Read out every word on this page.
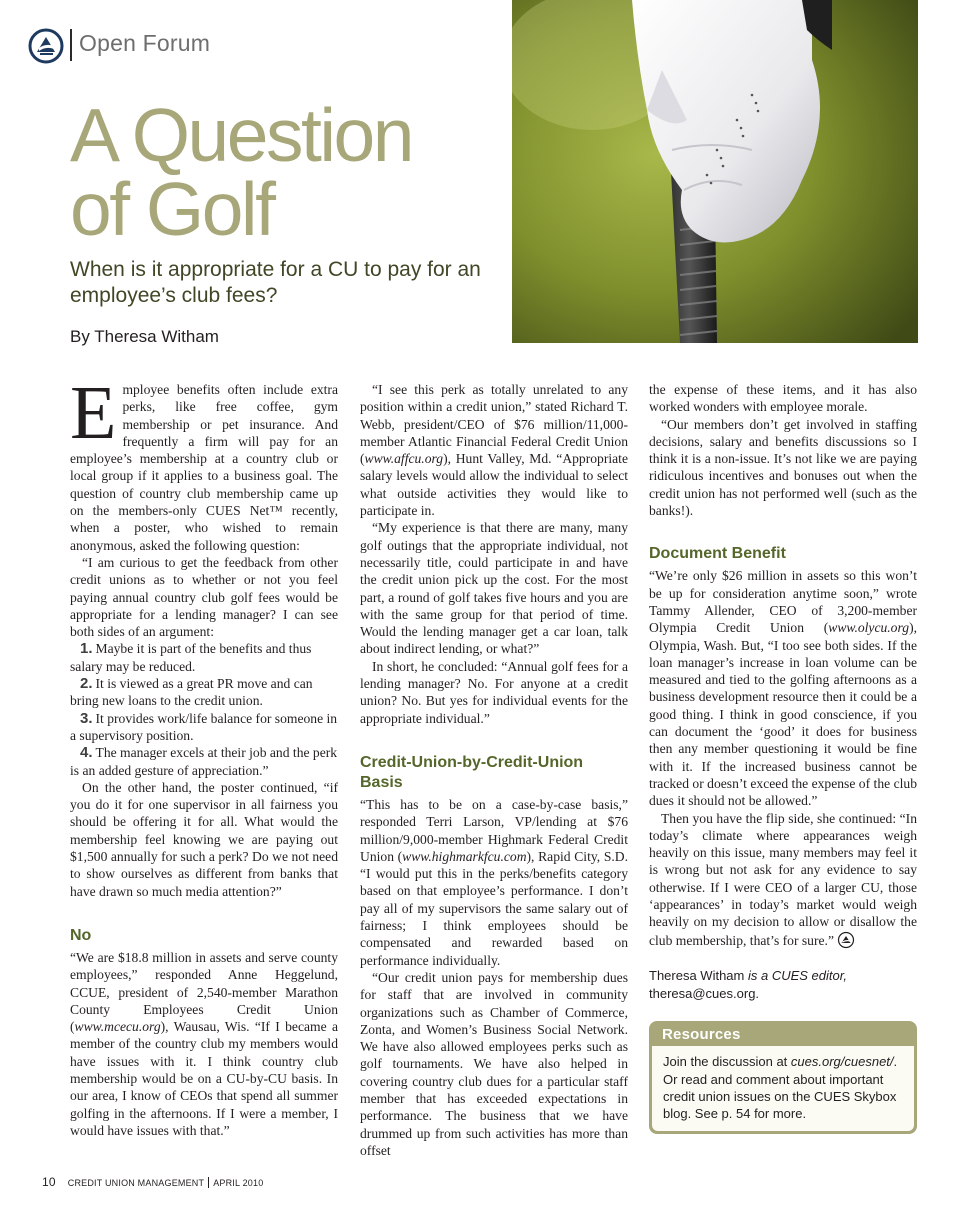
Open Forum
A Question
of Golf
When is it appropriate for a CU to pay for an employee’s club fees?
By Theresa Witham

Employee benefits often include extra perks, like free coffee, gym membership or pet insurance. And frequently a firm will pay for an employee’s membership at a country club or local group if it applies to a business goal. The question of country club membership came up on the members-only CUES Net™ recently, when a poster, who wished to remain anonymous, asked the following question:

“I am curious to get the feedback from other credit unions as to whether or not you feel paying annual country club golf fees would be appropriate for a lending manager? I can see both sides of an argument:

1. Maybe it is part of the benefits and thus salary may be reduced.

2. It is viewed as a great PR move and can bring new loans to the credit union.

3. It provides work/life balance for someone in a supervisory position.

4. The manager excels at their job and the perk is an added gesture of appreciation.”

On the other hand, the poster continued, “if you do it for one supervisor in all fairness you should be offering it for all. What would the membership feel knowing we are paying out $1,500 annually for such a perk? Do we not need to show ourselves as different from banks that have drawn so much media attention?”

No

“We are $18.8 million in assets and serve county employees,” responded Anne Heggelund, CCUE, president of 2,540-member Marathon County Employees Credit Union (www.mcecu.org), Wausau, Wis. “If I became a member of the country club my members would have issues with it. I think country club membership would be on a CU-by-CU basis. In our area, I know of CEOs that spend all summer golfing in the afternoons. If I were a member, I would have issues with that.”

“I see this perk as totally unrelated to any position within a credit union,” stated Richard T. Webb, president/CEO of $76 million/11,000-member Atlantic Financial Federal Credit Union (www.affcu.org), Hunt Valley, Md. “Appropriate salary levels would allow the individual to select what outside activities they would like to participate in.

“My experience is that there are many, many golf outings that the appropriate individual, not necessarily title, could participate in and have the credit union pick up the cost. For the most part, a round of golf takes five hours and you are with the same group for that period of time. Would the lending manager get a car loan, talk about indirect lending, or what?”

In short, he concluded: “Annual golf fees for a lending manager? No. For anyone at a credit union? No. But yes for individual events for the appropriate individual.”

Credit-Union-by-Credit-Union Basis

“This has to be on a case-by-case basis,” responded Terri Larson, VP/lending at $76 million/9,000-member Highmark Federal Credit Union (www.highmarkfcu.com), Rapid City, S.D. “I would put this in the perks/benefits category based on that employee’s performance. I don’t pay all of my supervisors the same salary out of fairness; I think employees should be compensated and rewarded based on performance individually.

“Our credit union pays for membership dues for staff that are involved in community organizations such as Chamber of Commerce, Zonta, and Women’s Business Social Network. We have also allowed employees perks such as golf tournaments. We have also helped in covering country club dues for a particular staff member that has exceeded expectations in performance. The business that we have drummed up from such activities has more than offset

the expense of these items, and it has also worked wonders with employee morale.

“Our members don’t get involved in staffing decisions, salary and benefits discussions so I think it is a non-issue. It’s not like we are paying ridiculous incentives and bonuses out when the credit union has not performed well (such as the banks!).

Document Benefit

“We’re only $26 million in assets so this won’t be up for consideration anytime soon,” wrote Tammy Allender, CEO of 3,200-member Olympia Credit Union (www.olycu.org), Olympia, Wash. But, “I too see both sides. If the loan manager’s increase in loan volume can be measured and tied to the golfing afternoons as a business development resource then it could be a good thing. I think in good conscience, if you can document the ‘good’ it does for business then any member questioning it would be fine with it. If the increased business cannot be tracked or doesn’t exceed the expense of the club dues it should not be allowed.”

Then you have the flip side, she continued: “In today’s climate where appearances weigh heavily on this issue, many members may feel it is wrong but not ask for any evidence to say otherwise. If I were CEO of a larger CU, those ‘appearances’ in today’s market would weigh heavily on my decision to allow or disallow the club membership, that’s for sure.”

Theresa Witham is a CUES editor,
theresa@cues.org.
Resources
Join the discussion at cues.org/cuesnet/. Or read and comment about important credit union issues on the CUES Skybox blog. See p. 54 for more.
10 CREDIT UNION MANAGEMENT APRIL 2010
